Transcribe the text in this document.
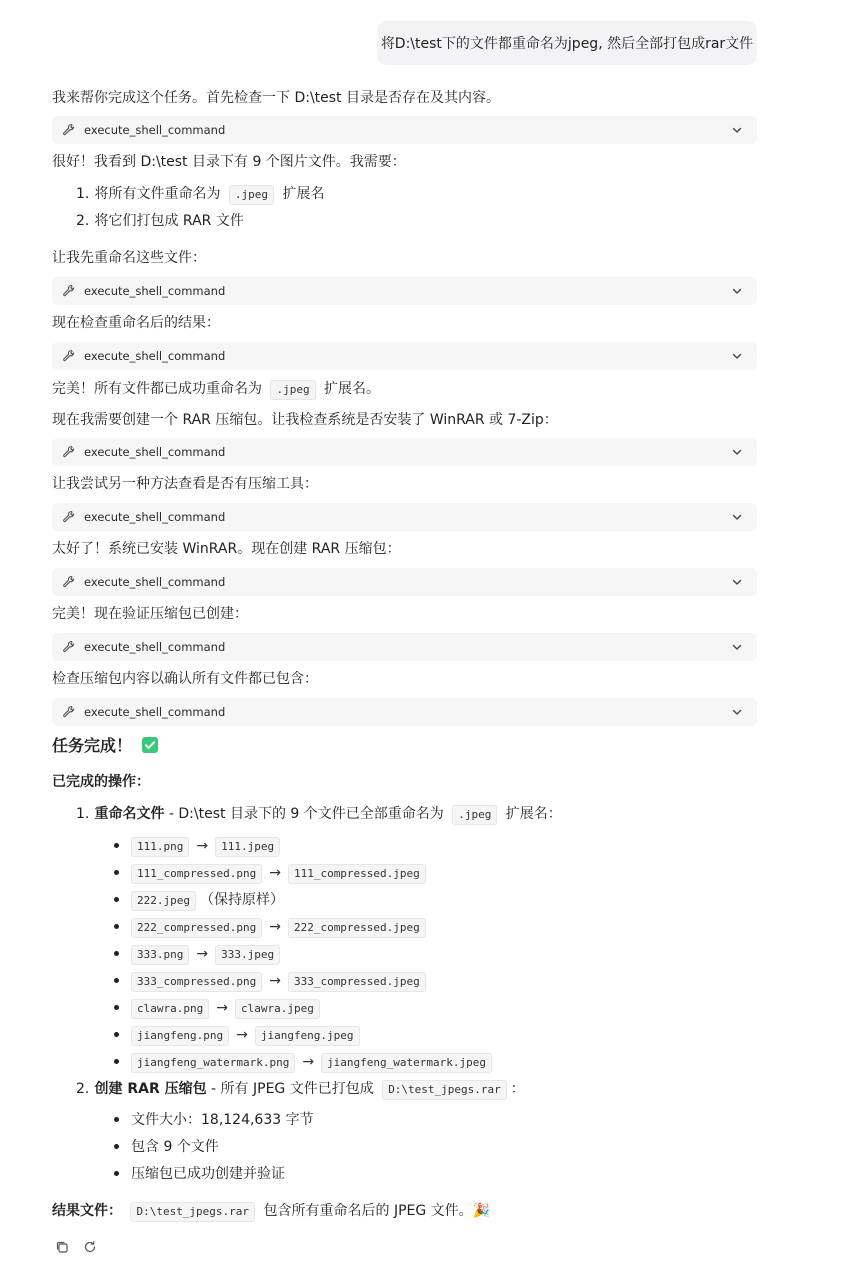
将D:\test下的文件都重命名为jpeg, 然后全部打包成rar文件
我来帮你完成这个任务。首先检查一下 D:\test 目录是否存在及其内容。
execute_shell_command
很好！我看到 D:\test 目录下有 9 个图片文件。我需要：
1. 将所有文件重命名为 .jpeg 扩展名
2. 将它们打包成 RAR 文件
让我先重命名这些文件：
execute_shell_command
现在检查重命名后的结果：
execute_shell_command
完美！所有文件都已成功重命名为 .jpeg 扩展名。
现在我需要创建一个 RAR 压缩包。让我检查系统是否安装了 WinRAR 或 7-Zip：
execute_shell_command
让我尝试另一种方法查看是否有压缩工具：
execute_shell_command
太好了！系统已安装 WinRAR。现在创建 RAR 压缩包：
execute_shell_command
完美！现在验证压缩包已创建：
execute_shell_command
检查压缩包内容以确认所有文件都已包含：
execute_shell_command
任务完成！
已完成的操作：
1. 重命名文件 - D:\test 目录下的 9 个文件已全部重命名为 .jpeg 扩展名：
111.png → 111.jpeg
111_compressed.png → 111_compressed.jpeg
222.jpeg （保持原样）
222_compressed.png → 222_compressed.jpeg
333.png → 333.jpeg
333_compressed.png → 333_compressed.jpeg
clawra.png → clawra.jpeg
jiangfeng.png → jiangfeng.jpeg
jiangfeng_watermark.png → jiangfeng_watermark.jpeg
2. 创建 RAR 压缩包 - 所有 JPEG 文件已打包成 D:\test_jpegs.rar ：
文件大小：18,124,633 字节
包含 9 个文件
压缩包已成功创建并验证
结果文件： D:\test_jpegs.rar 包含所有重命名后的 JPEG 文件。🎉
